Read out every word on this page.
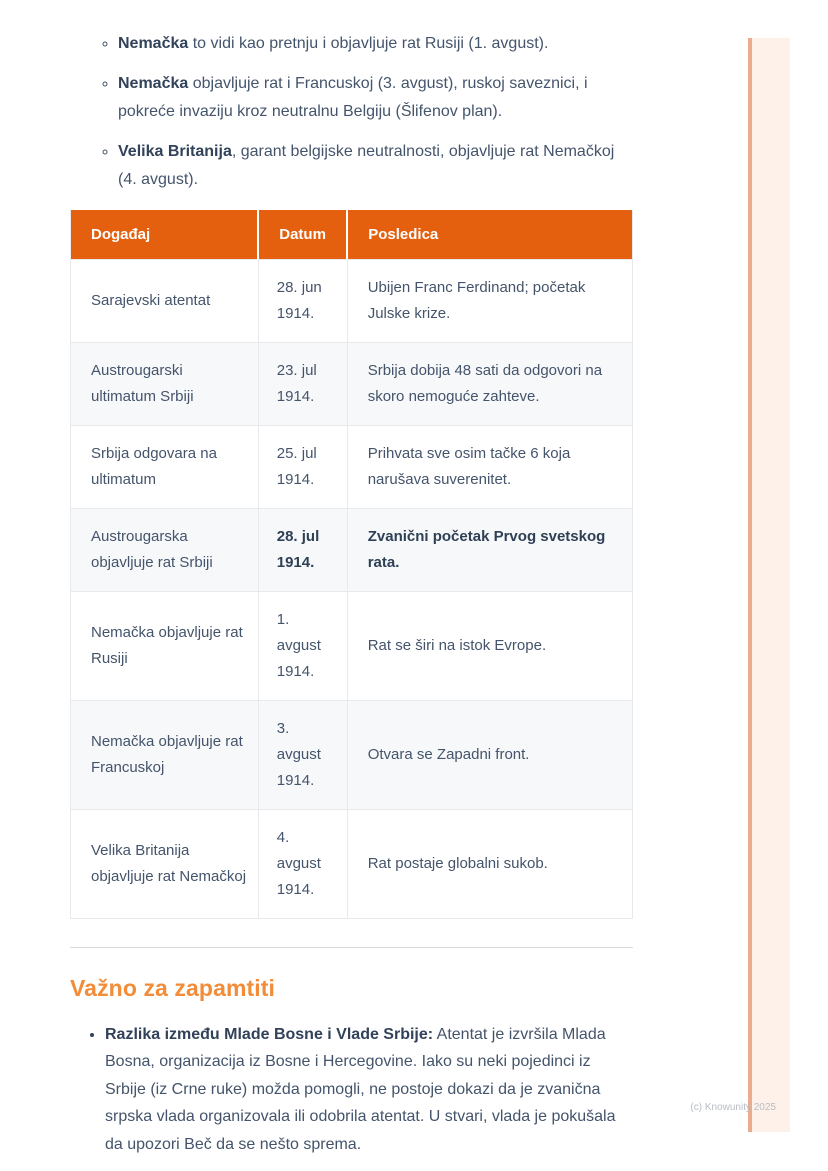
(c) Knowunity 2025
◦ Nemačka to vidi kao pretnju i objavljuje rat Rusiji (1. avgust).
◦ Nemačka objavljuje rat i Francuskoj (3. avgust), ruskoj saveznici, i pokreće invaziju kroz neutralnu Belgiju (Šlifenov plan).
◦ Velika Britanija, garant belgijske neutralnosti, objavljuje rat Nemačkoj (4. avgust).
Događaj	Datum	Posledica
Sarajevski atentat	28. jun 1914.	Ubijen Franc Ferdinand; početak Julske krize.
Austrougarski ultimatum Srbiji	23. jul 1914.	Srbija dobija 48 sati da odgovori na skoro nemoguće zahteve.
Srbija odgovara na ultimatum	25. jul 1914.	Prihvata sve osim tačke 6 koja narušava suverenitet.
Austrougarska objavljuje rat Srbiji	28. jul 1914.	Zvanični početak Prvog svetskog rata.
Nemačka objavljuje rat Rusiji	1. avgust 1914.	Rat se širi na istok Evrope.
Nemačka objavljuje rat Francuskoj	3. avgust 1914.	Otvara se Zapadni front.
Velika Britanija objavljuje rat Nemačkoj	4. avgust 1914.	Rat postaje globalni sukob.
Važno za zapamtiti
• Razlika između Mlade Bosne i Vlade Srbije: Atentat je izvršila Mlada Bosna, organizacija iz Bosne i Hercegovine. Iako su neki pojedinci iz Srbije (iz Crne ruke) možda pomogli, ne postoje dokazi da je zvanična srpska vlada organizovala ili odobrila atentat. U stvari, vlada je pokušala da upozori Beč da se nešto sprema.
